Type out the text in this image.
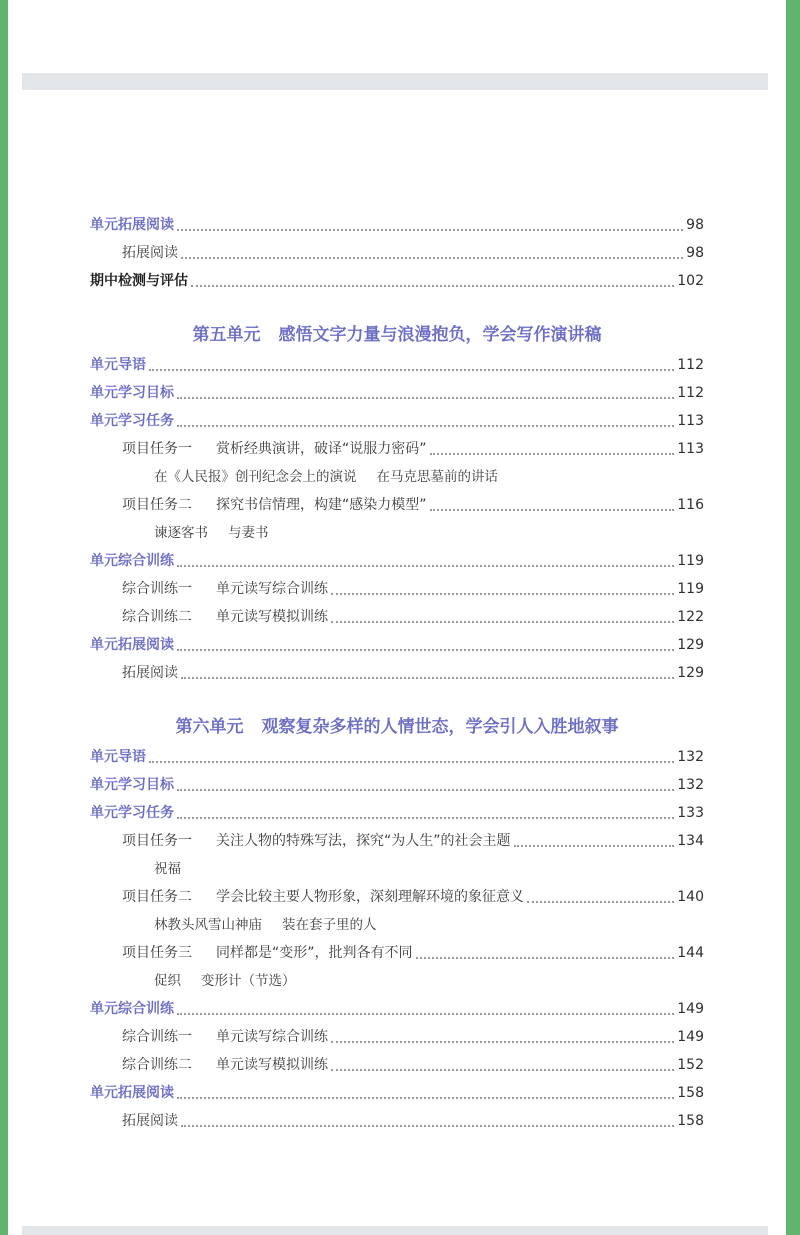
单元拓展阅读	98
拓展阅读	98
期中检测与评估	102
第五单元 感悟文字力量与浪漫抱负，学会写作演讲稿
单元导语	112
单元学习目标	112
单元学习任务	113
项目任务一 赏析经典演讲，破译“说服力密码”	113
在《人民报》创刊纪念会上的演说 在马克思墓前的讲话
项目任务二 探究书信情理，构建“感染力模型”	116
谏逐客书 与妻书
单元综合训练	119
综合训练一 单元读写综合训练	119
综合训练二 单元读写模拟训练	122
单元拓展阅读	129
拓展阅读	129
第六单元 观察复杂多样的人情世态，学会引人入胜地叙事
单元导语	132
单元学习目标	132
单元学习任务	133
项目任务一 关注人物的特殊写法，探究“为人生”的社会主题	134
祝福
项目任务二 学会比较主要人物形象，深刻理解环境的象征意义	140
林教头风雪山神庙 装在套子里的人
项目任务三 同样都是“变形”，批判各有不同	144
促织 变形计（节选）
单元综合训练	149
综合训练一 单元读写综合训练	149
综合训练二 单元读写模拟训练	152
单元拓展阅读	158
拓展阅读	158
